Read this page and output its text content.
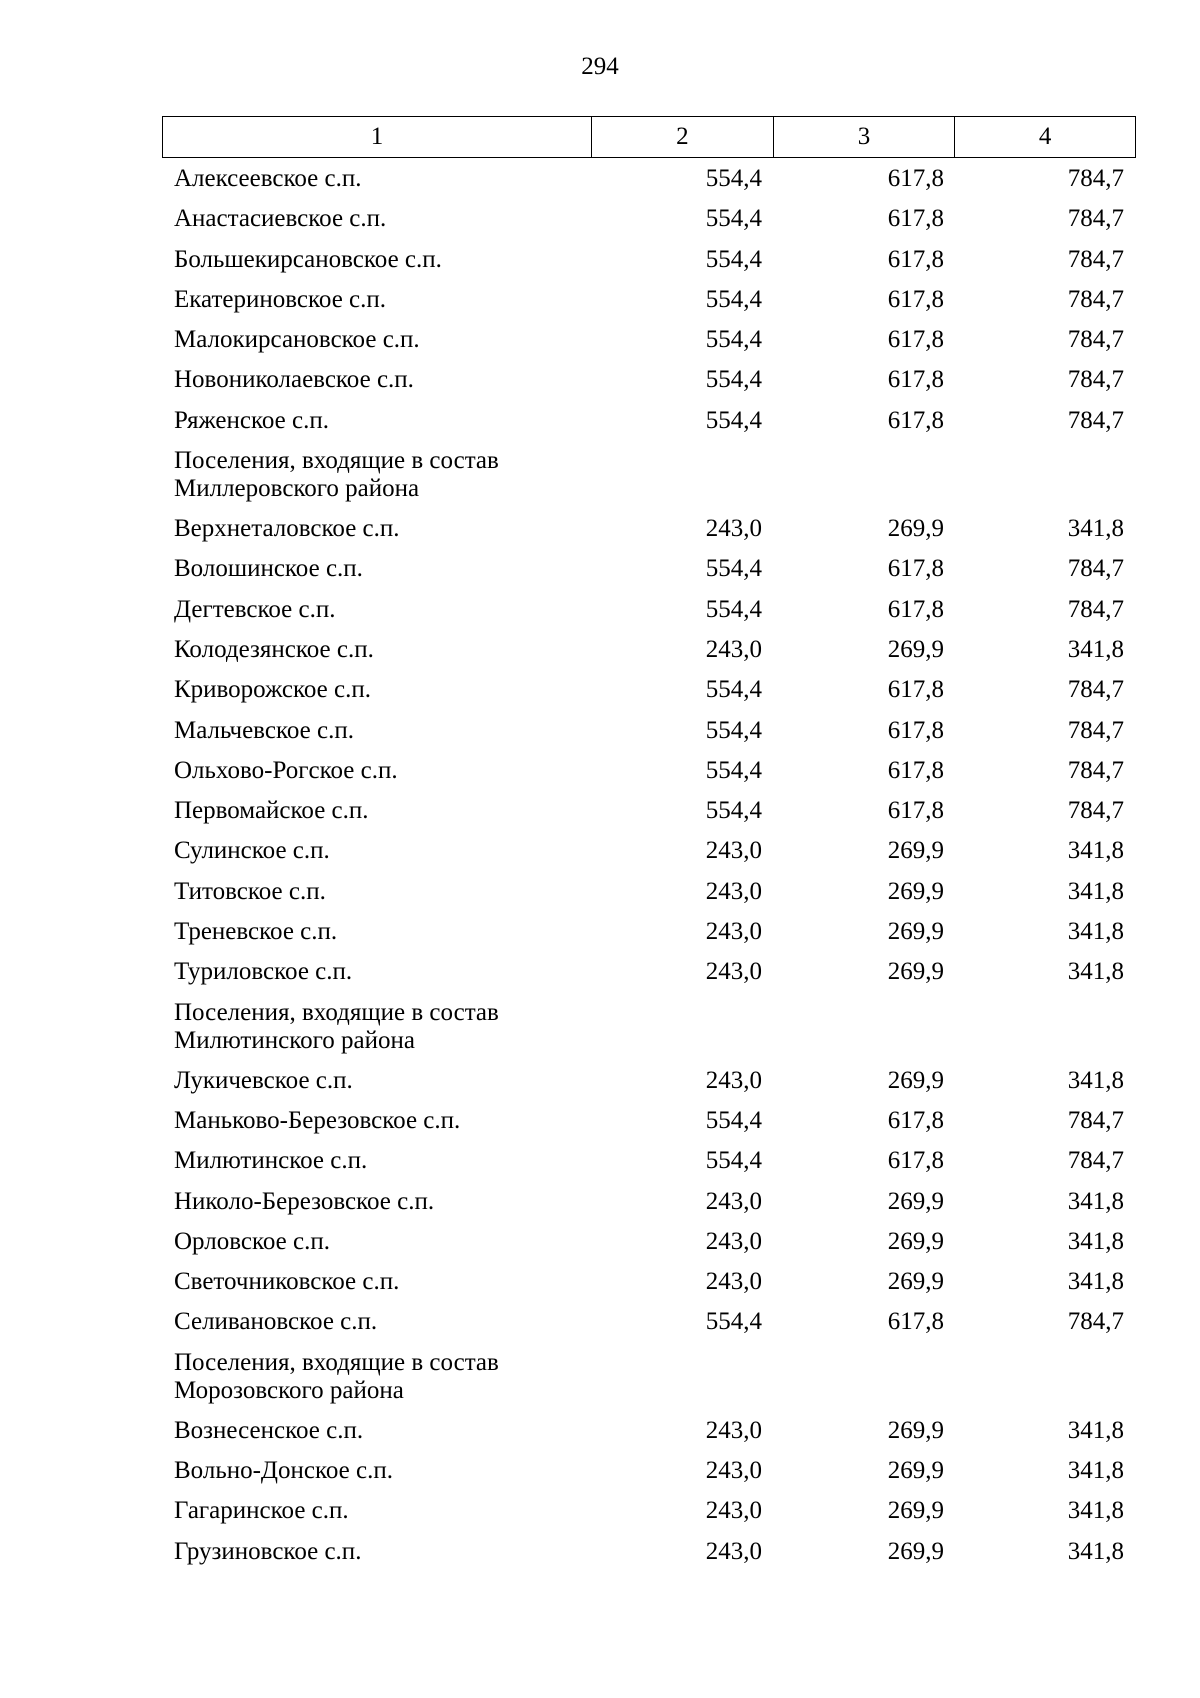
294
1	2	3	4
Алексеевское с.п.	554,4	617,8	784,7
Анастасиевское с.п.	554,4	617,8	784,7
Большекирсановское с.п.	554,4	617,8	784,7
Екатериновское с.п.	554,4	617,8	784,7
Малокирсановское с.п.	554,4	617,8	784,7
Новониколаевское с.п.	554,4	617,8	784,7
Ряженское с.п.	554,4	617,8	784,7
Поселения, входящие в состав Миллеровского района
Верхнеталовское с.п.	243,0	269,9	341,8
Волошинское с.п.	554,4	617,8	784,7
Дегтевское с.п.	554,4	617,8	784,7
Колодезянское с.п.	243,0	269,9	341,8
Криворожское с.п.	554,4	617,8	784,7
Мальчевское с.п.	554,4	617,8	784,7
Ольхово-Рогское с.п.	554,4	617,8	784,7
Первомайское с.п.	554,4	617,8	784,7
Сулинское с.п.	243,0	269,9	341,8
Титовское с.п.	243,0	269,9	341,8
Треневское с.п.	243,0	269,9	341,8
Туриловское с.п.	243,0	269,9	341,8
Поселения, входящие в состав Милютинского района
Лукичевское с.п.	243,0	269,9	341,8
Маньково-Березовское с.п.	554,4	617,8	784,7
Милютинское с.п.	554,4	617,8	784,7
Николо-Березовское с.п.	243,0	269,9	341,8
Орловское с.п.	243,0	269,9	341,8
Светочниковское с.п.	243,0	269,9	341,8
Селивановское с.п.	554,4	617,8	784,7
Поселения, входящие в состав Морозовского района
Вознесенское с.п.	243,0	269,9	341,8
Вольно-Донское с.п.	243,0	269,9	341,8
Гагаринское с.п.	243,0	269,9	341,8
Грузиновское с.п.	243,0	269,9	341,8
